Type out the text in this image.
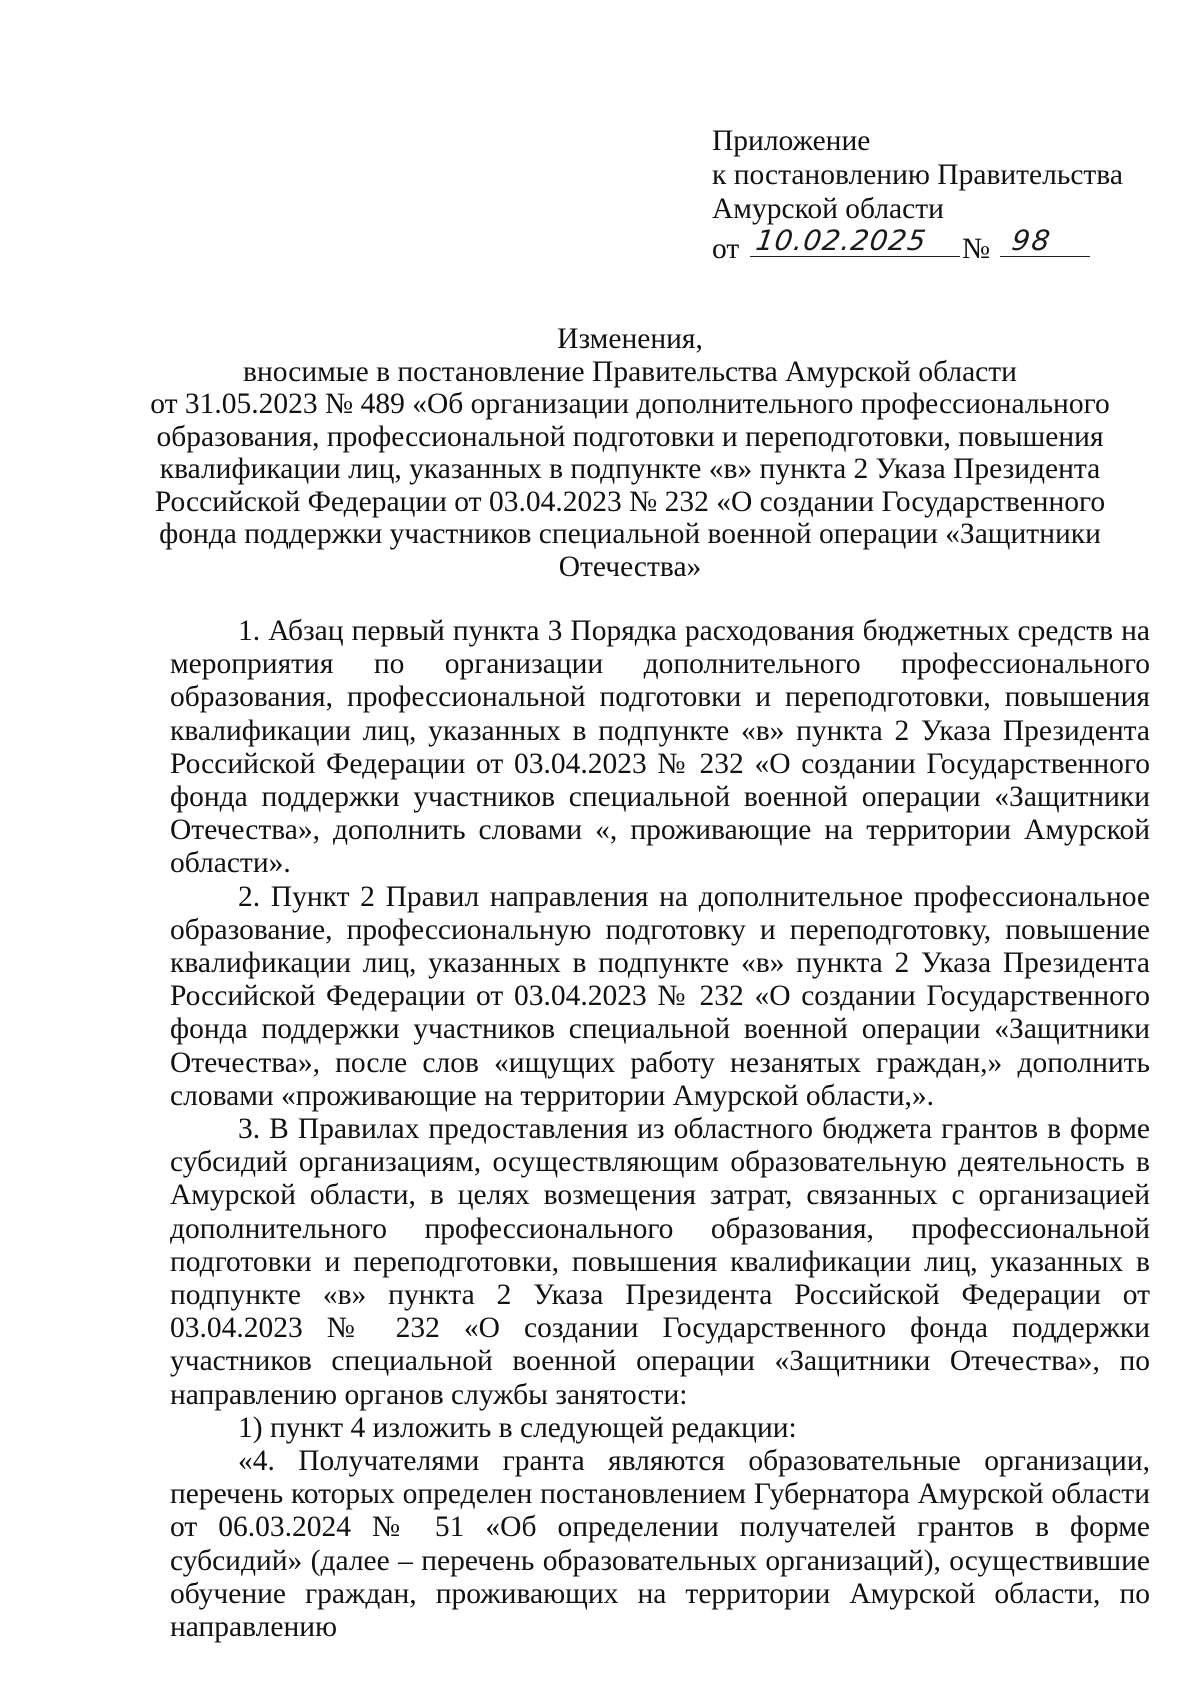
Приложение
к постановлению Правительства
Амурской области
от 10.02.2025 № 98
Изменения,
вносимые в постановление Правительства Амурской области
от 31.05.2023 № 489 «Об организации дополнительного профессионального
образования, профессиональной подготовки и переподготовки, повышения
квалификации лиц, указанных в подпункте «в» пункта 2 Указа Президента
Российской Федерации от 03.04.2023 № 232 «О создании Государственного
фонда поддержки участников специальной военной операции «Защитники
Отечества»

1. Абзац первый пункта 3 Порядка расходования бюджетных средств на мероприятия по организации дополнительного профессионального образования, профессиональной подготовки и переподготовки, повышения квалификации лиц, указанных в подпункте «в» пункта 2 Указа Президента Российской Федерации от 03.04.2023 № 232 «О создании Государственного фонда поддержки участников специальной военной операции «Защитники Отечества», дополнить словами «, проживающие на территории Амурской области».

2. Пункт 2 Правил направления на дополнительное профессиональное образование, профессиональную подготовку и переподготовку, повышение квалификации лиц, указанных в подпункте «в» пункта 2 Указа Президента Российской Федерации от 03.04.2023 № 232 «О создании Государственного фонда поддержки участников специальной военной операции «Защитники Отечества», после слов «ищущих работу незанятых граждан,» дополнить словами «проживающие на территории Амурской области,».

3. В Правилах предоставления из областного бюджета грантов в форме субсидий организациям, осуществляющим образовательную деятельность в Амурской области, в целях возмещения затрат, связанных с организацией дополнительного профессионального образования, профессиональной подготовки и переподготовки, повышения квалификации лиц, указанных в подпункте «в» пункта 2 Указа Президента Российской Федерации от 03.04.2023 № 232 «О создании Государственного фонда поддержки участников специальной военной операции «Защитники Отечества», по направлению органов службы занятости:

1) пункт 4 изложить в следующей редакции:

«4. Получателями гранта являются образовательные организации, перечень которых определен постановлением Губернатора Амурской области от 06.03.2024 № 51 «Об определении получателей грантов в форме субсидий» (далее – перечень образовательных организаций), осуществившие обучение граждан, проживающих на территории Амурской области, по направлению
